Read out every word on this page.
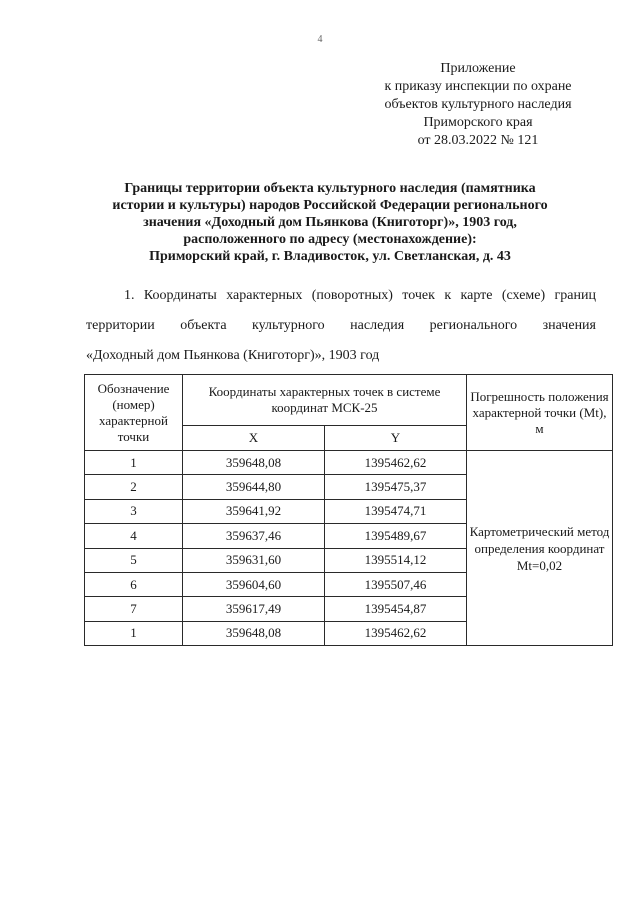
4
Приложение
к приказу инспекции по охране
объектов культурного наследия
Приморского края
от 28.03.2022 № 121
Границы территории объекта культурного наследия (памятника
истории и культуры) народов Российской Федерации регионального
значения «Доходный дом Пьянкова (Книготорг)», 1903 год,
расположенного по адресу (местонахождение):
Приморский край, г. Владивосток, ул. Светланская, д. 43
1. Координаты характерных (поворотных) точек к карте (схеме) границ
территории объекта культурного наследия регионального значения
«Доходный дом Пьянкова (Книготорг)», 1903 год
Обозначение (номер) характерной точки	Координаты характерных точек в системе координат МСК-25		Погрешность положения характерной точки (Mt), м
	X	Y	
1	359648,08	1395462,62	Картометрический метод определения координат Mt=0,02
2	359644,80	1395475,37	
3	359641,92	1395474,71	
4	359637,46	1395489,67	
5	359631,60	1395514,12	
6	359604,60	1395507,46	
7	359617,49	1395454,87	
1	359648,08	1395462,62	
